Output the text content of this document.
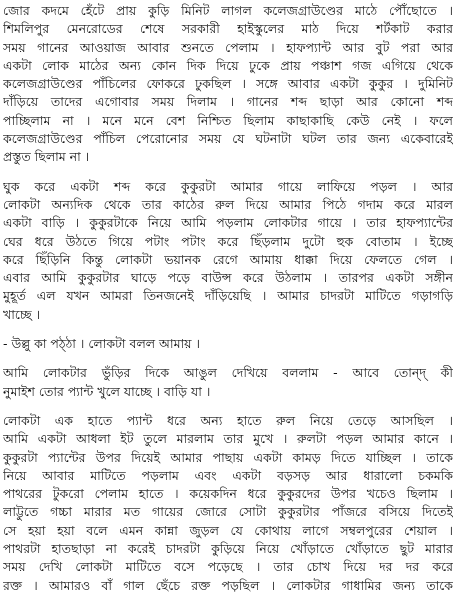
জোর কদমে হেঁটে প্রায় কুড়ি মিনিট লাগল কলেজগ্রাউণ্ডের মাঠে পৌঁছোতে ।
শিমলিপুর মেনরোডের শেষে সরকারী হাইস্কুলের মাঠ দিয়ে শর্টকাট করার
সময় গানের আওয়াজ আবার শুনতে পেলাম । হাফপ্যান্ট আর বুট পরা আর
একটা লোক মাঠের অন্য কোন দিক দিয়ে ঢুকে প্রায় পঞ্চাশ গজ এগিয়ে থেকে
কলেজগ্রাউণ্ডের পাঁচিলের ফোকরে ঢুকছিল । সঙ্গে আবার একটা কুকুর । দুমিনিট
দাঁড়িয়ে তাদের এগোবার সময় দিলাম । গানের শব্দ ছাড়া আর কোনো শব্দ
পাচ্ছিলাম না । মনে মনে বেশ নিশ্চিত ছিলাম কাছাকাছি কেউ নেই । ফলে
কলেজগ্রাউণ্ডের পাঁচিল পেরোনোর সময় যে ঘটনাটা ঘটল তার জন্য একেবারেই
প্রস্তুত ছিলাম না ।
ঘুক করে একটা শব্দ করে কুকুরটা আমার গায়ে লাফিয়ে পড়ল । আর
লোকটা অন্যদিক থেকে তার কাঠের রুল দিয়ে আমার পিঠে গদাম করে মারল
একটা বাড়ি । কুকুরটাকে নিয়ে আমি পড়লাম লোকটার গায়ে । তার হাফপ্যান্টের
ঘের ধরে উঠতে গিয়ে পটাং পটাং করে ছিঁড়লাম দুটো হুক বোতাম । ইচ্ছে
করে ছিঁড়িনি কিন্তু লোকটা ভয়ানক রেগে আমায় ধাক্কা দিয়ে ফেলতে গেল ।
এবার আমি কুকুরটার ঘাড়ে পড়ে বাউন্স করে উঠলাম । তারপর একটা সঙ্গীন
মুহূর্ত এল যখন আমরা তিনজনেই দাঁড়িয়েছি । আমার চাদরটা মাটিতে গড়াগড়ি
খাচ্ছে ।
- উল্লু কা পঠ্ঠা । লোকটা বলল আমায় ।
আমি লোকটার ভুঁড়ির দিকে আঙুল দেখিয়ে বললাম - আবে তোন্দ্ কী
নুমাইশ তোর প্যান্ট খুলে যাচ্ছে । বাড়ি যা ।
লোকটা এক হাতে প্যান্ট ধরে অন্য হাতে রুল নিয়ে তেড়ে আসছিল ।
আমি একটা আধলা ইট তুলে মারলাম তার মুখে । রুলটা পড়ল আমার কানে ।
কুকুরটা প্যান্টের উপর দিয়েই আমার পাছায় একটা কামড় দিতে যাচ্ছিল । তাকে
নিয়ে আবার মাটিতে পড়লাম এবং একটা বড়সড় আর ধারালো চকমকি
পাথরের টুকরো পেলাম হাতে । কয়েকদিন ধরে কুকুরদের উপর খচেও ছিলাম ।
লাট্টুতে গচ্চা মারার মত গায়ের জোরে সোটা কুকুরটার পাঁজরে বসিয়ে দিতেই
সে হয়া হয়া বলে এমন কান্না জুড়ল যে কোথায় লাগে সম্বলপুরের শেয়াল ।
পাথরটা হাতছাড়া না করেই চাদরটা কুড়িয়ে নিয়ে খোঁড়াতে খোঁড়াতে ছুট মারার
সময় দেখি লোকটা মাটিতে বসে পড়েছে । তার চোখ দিয়ে দর দর করে
রক্ত । আমারও বাঁ গাল ছেঁচে রক্ত পড়ছিল । লোকটার গাধামির জন্য তাকে
